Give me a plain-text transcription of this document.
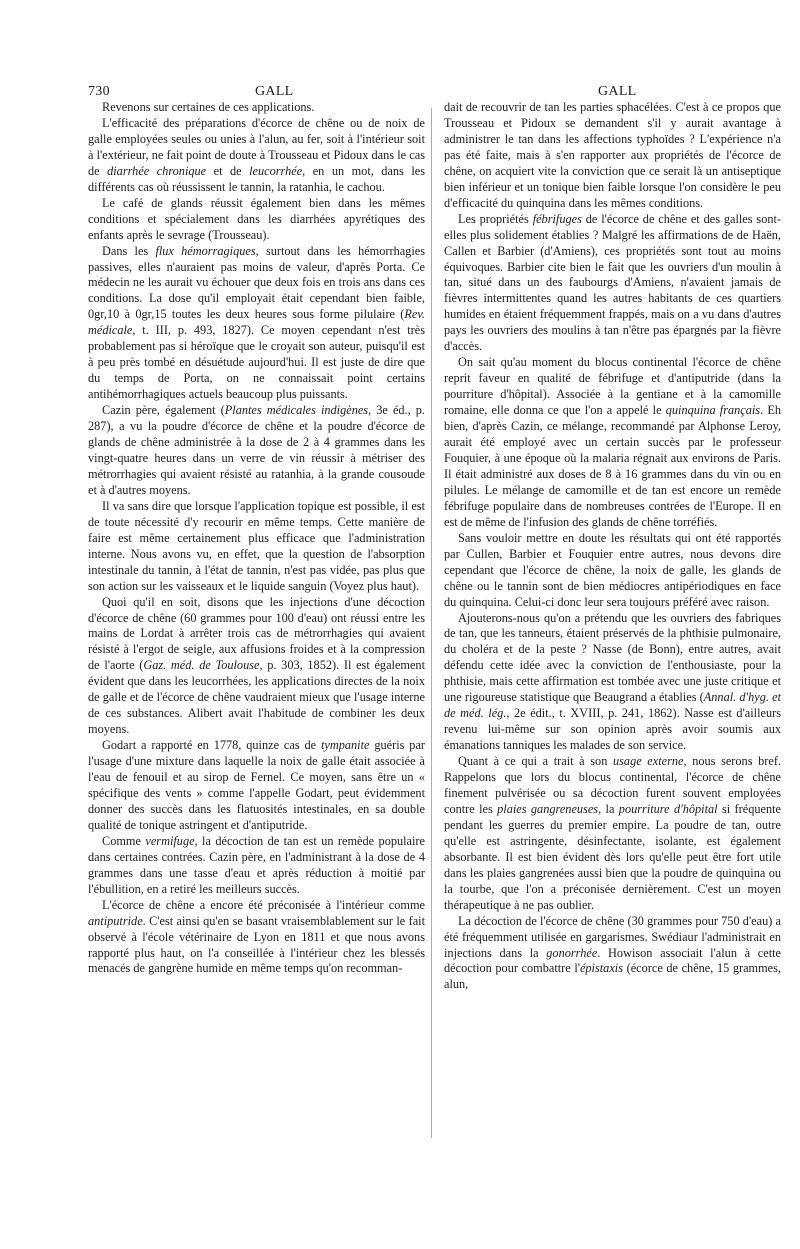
730	GALL	GALL

Revenons sur certaines de ces applications.

L'efficacité des préparations d'écorce de chêne ou de noix de galle employées seules ou unies à l'alun, au fer, soit à l'intérieur soit à l'extérieur, ne fait point de doute à Trousseau et Pidoux dans le cas de diarrhée chronique et de leucorrhée, en un mot, dans les différents cas où réussissent le tannin, la ratanhia, le cachou.

Le café de glands réussit également bien dans les mêmes conditions et spécialement dans les diarrhées apyrétiques des enfants après le sevrage (Trousseau).

Dans les flux hémorragiques, surtout dans les hémorrhagies passives, elles n'auraient pas moins de valeur, d'après Porta. Ce médecin ne les aurait vu échouer que deux fois en trois ans dans ces conditions. La dose qu'il employait était cependant bien faible, 0gr,10 à 0gr,15 toutes les deux heures sous forme pilulaire (Rev. médicale, t. III, p. 493, 1827). Ce moyen cependant n'est très probablement pas si héroïque que le croyait son auteur, puisqu'il est à peu près tombé en désuétude aujourd'hui. Il est juste de dire que du temps de Porta, on ne connaissait point certains antihémorrhagiques actuels beaucoup plus puissants.

Cazin père, également (Plantes médicales indigènes, 3e éd., p. 287), a vu la poudre d'écorce de chêne et la poudre d'écorce de glands de chêne administrée à la dose de 2 à 4 grammes dans les vingt-quatre heures dans un verre de vin réussir à métriser des métrorrhagies qui avaient résisté au ratanhia, à la grande cousoude et à d'autres moyens.

Il va sans dire que lorsque l'application topique est possible, il est de toute nécessité d'y recourir en même temps. Cette manière de faire est même certainement plus efficace que l'administration interne. Nous avons vu, en effet, que la question de l'absorption intestinale du tannin, à l'état de tannin, n'est pas vidée, pas plus que son action sur les vaisseaux et le liquide sanguin (Voyez plus haut).

Quoi qu'il en soit, disons que les injections d'une décoction d'écorce de chêne (60 grammes pour 100 d'eau) ont réussi entre les mains de Lordat à arrêter trois cas de métrorrhagies qui avaient résisté à l'ergot de seigle, aux affusions froides et à la compression de l'aorte (Gaz. méd. de Toulouse, p. 303, 1852). Il est également évident que dans les leucorrhées, les applications directes de la noix de galle et de l'écorce de chêne vaudraient mieux que l'usage interne de ces substances. Alibert avait l'habitude de combiner les deux moyens.

Godart a rapporté en 1778, quinze cas de tympanite guéris par l'usage d'une mixture dans laquelle la noix de galle était associée à l'eau de fenouil et au sirop de Fernel. Ce moyen, sans être un « spécifique des vents » comme l'appelle Godart, peut évidemment donner des succès dans les flatuosités intestinales, en sa double qualité de tonique astringent et d'antiputride.

Comme vermifuge, la décoction de tan est un remède populaire dans certaines contrées. Cazin père, en l'administrant à la dose de 4 grammes dans une tasse d'eau et après réduction à moitié par l'ébullition, en a retiré les meilleurs succès.

L'écorce de chêne a encore été préconisée à l'intérieur comme antiputride. C'est ainsi qu'en se basant vraisemblablement sur le fait observé à l'école vétérinaire de Lyon en 1811 et que nous avons rapporté plus haut, on l'a conseillée à l'intérieur chez les blessés menacés de gangrène humide en même temps qu'on recomman-

dait de recouvrir de tan les parties sphacélées. C'est à ce propos que Trousseau et Pidoux se demandent s'il y aurait avantage à administrer le tan dans les affections typhoïdes ? L'expérience n'a pas été faite, mais à s'en rapporter aux propriétés de l'écorce de chêne, on acquiert vite la conviction que ce serait là un antiseptique bien inférieur et un tonique bien faible lorsque l'on considère le peu d'efficacité du quinquina dans les mêmes conditions.

Les propriétés fébrifuges de l'écorce de chêne et des galles sont-elles plus solidement établies ? Malgré les affirmations de de Haën, Callen et Barbier (d'Amiens), ces propriétés sont tout au moins équivoques. Barbier cite bien le fait que les ouvriers d'un moulin à tan, situé dans un des faubourgs d'Amiens, n'avaient jamais de fièvres intermittentes quand les autres habitants de ces quartiers humides en étaient fréquemment frappés, mais on a vu dans d'autres pays les ouvriers des moulins à tan n'être pas épargnés par la fièvre d'accès.

On sait qu'au moment du blocus continental l'écorce de chêne reprit faveur en qualité de fébrifuge et d'antiputride (dans la pourriture d'hôpital). Associée à la gentiane et à la camomille romaine, elle donna ce que l'on a appelé le quinquina français. Eh bien, d'après Cazin, ce mélange, recommandé par Alphonse Leroy, aurait été employé avec un certain succès par le professeur Fouquier, à une époque où la malaria régnait aux environs de Paris. Il était administré aux doses de 8 à 16 grammes dans du vin ou en pilules. Le mélange de camomille et de tan est encore un remède fébrifuge populaire dans de nombreuses contrées de l'Europe. Il en est de même de l'infusion des glands de chêne torréfiés.

Sans vouloir mettre en doute les résultats qui ont été rapportés par Cullen, Barbier et Fouquier entre autres, nous devons dire cependant que l'écorce de chêne, la noix de galle, les glands de chêne ou le tannin sont de bien médiocres antipériodiques en face du quinquina. Celui-ci donc leur sera toujours préféré avec raison.

Ajouterons-nous qu'on a prétendu que les ouvriers des fabriques de tan, que les tanneurs, étaient préservés de la phthisie pulmonaire, du choléra et de la peste ? Nasse (de Bonn), entre autres, avait défendu cette idée avec la conviction de l'enthousiaste, pour la phthisie, mais cette affirmation est tombée avec une juste critique et une rigoureuse statistique que Beaugrand a établies (Annal. d'hyg. et de méd. lég., 2e édit., t. XVIII, p. 241, 1862). Nasse est d'ailleurs revenu lui-même sur son opinion après avoir soumis aux émanations tanniques les malades de son service.

Quant à ce qui a trait à son usage externe, nous serons bref. Rappelons que lors du blocus continental, l'écorce de chêne finement pulvérisée ou sa décoction furent souvent employées contre les plaies gangreneuses, la pourriture d'hôpital si fréquente pendant les guerres du premier empire. La poudre de tan, outre qu'elle est astringente, désinfectante, isolante, est également absorbante. Il est bien évident dès lors qu'elle peut être fort utile dans les plaies gangrenées aussi bien que la poudre de quinquina ou la tourbe, que l'on a préconisée dernièrement. C'est un moyen thérapeutique à ne pas oublier.

La décoction de l'écorce de chêne (30 grammes pour 750 d'eau) a été fréquemment utilisée en gargarismes. Swédiaur l'administrait en injections dans la gonorrhée. Howison associait l'alun à cette décoction pour combattre l'épistaxis (écorce de chêne, 15 grammes, alun,
